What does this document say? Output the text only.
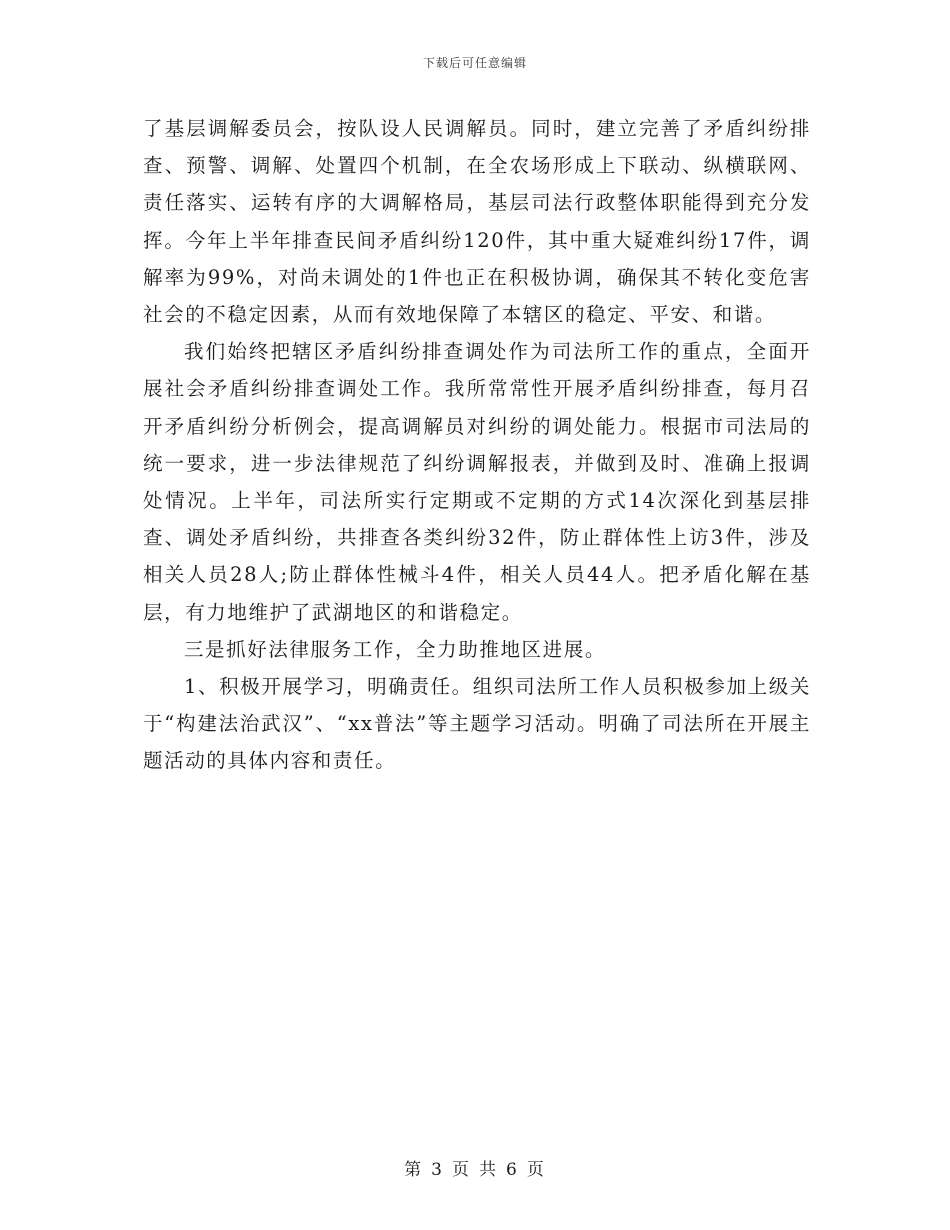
下载后可任意编辑

了基层调解委员会，按队设人民调解员。同时，建立完善了矛盾纠纷排查、预警、调解、处置四个机制，在全农场形成上下联动、纵横联网、责任落实、运转有序的大调解格局，基层司法行政整体职能得到充分发挥。今年上半年排查民间矛盾纠纷120件，其中重大疑难纠纷17件，调解率为99%，对尚未调处的1件也正在积极协调，确保其不转化变危害社会的不稳定因素，从而有效地保障了本辖区的稳定、平安、和谐。

我们始终把辖区矛盾纠纷排查调处作为司法所工作的重点，全面开展社会矛盾纠纷排查调处工作。我所常常性开展矛盾纠纷排查，每月召开矛盾纠纷分析例会，提高调解员对纠纷的调处能力。根据市司法局的统一要求，进一步法律规范了纠纷调解报表，并做到及时、准确上报调处情况。上半年，司法所实行定期或不定期的方式14次深化到基层排查、调处矛盾纠纷，共排查各类纠纷32件，防止群体性上访3件，涉及相关人员28人;防止群体性械斗4件，相关人员44人。把矛盾化解在基层，有力地维护了武湖地区的和谐稳定。

三是抓好法律服务工作，全力助推地区进展。

1、积极开展学习，明确责任。组织司法所工作人员积极参加上级关于“构建法治武汉”、“xx普法”等主题学习活动。明确了司法所在开展主题活动的具体内容和责任。

第 3 页 共 6 页
